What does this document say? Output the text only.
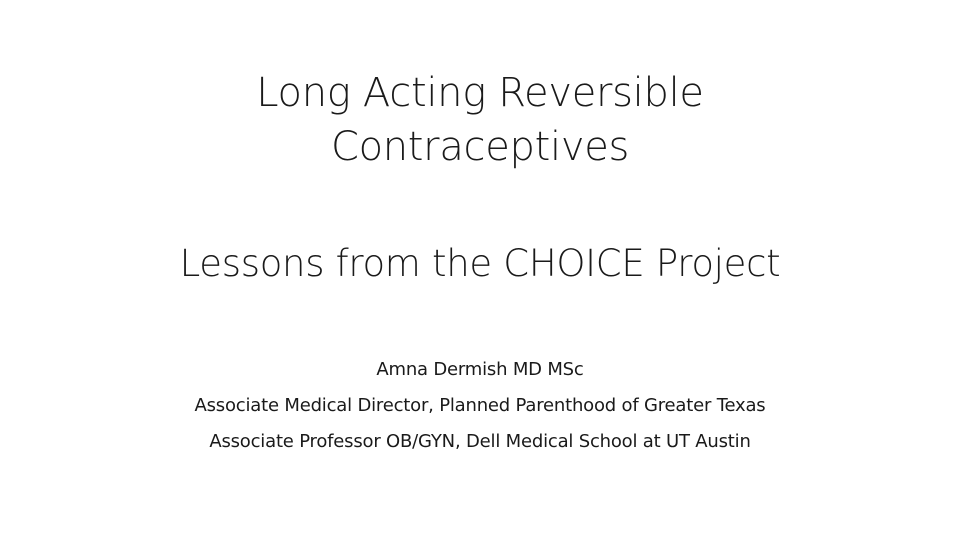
Long Acting Reversible
Contraceptives
Lessons from the CHOICE Project
Amna Dermish MD MSc
Associate Medical Director, Planned Parenthood of Greater Texas
Associate Professor OB/GYN, Dell Medical School at UT Austin
